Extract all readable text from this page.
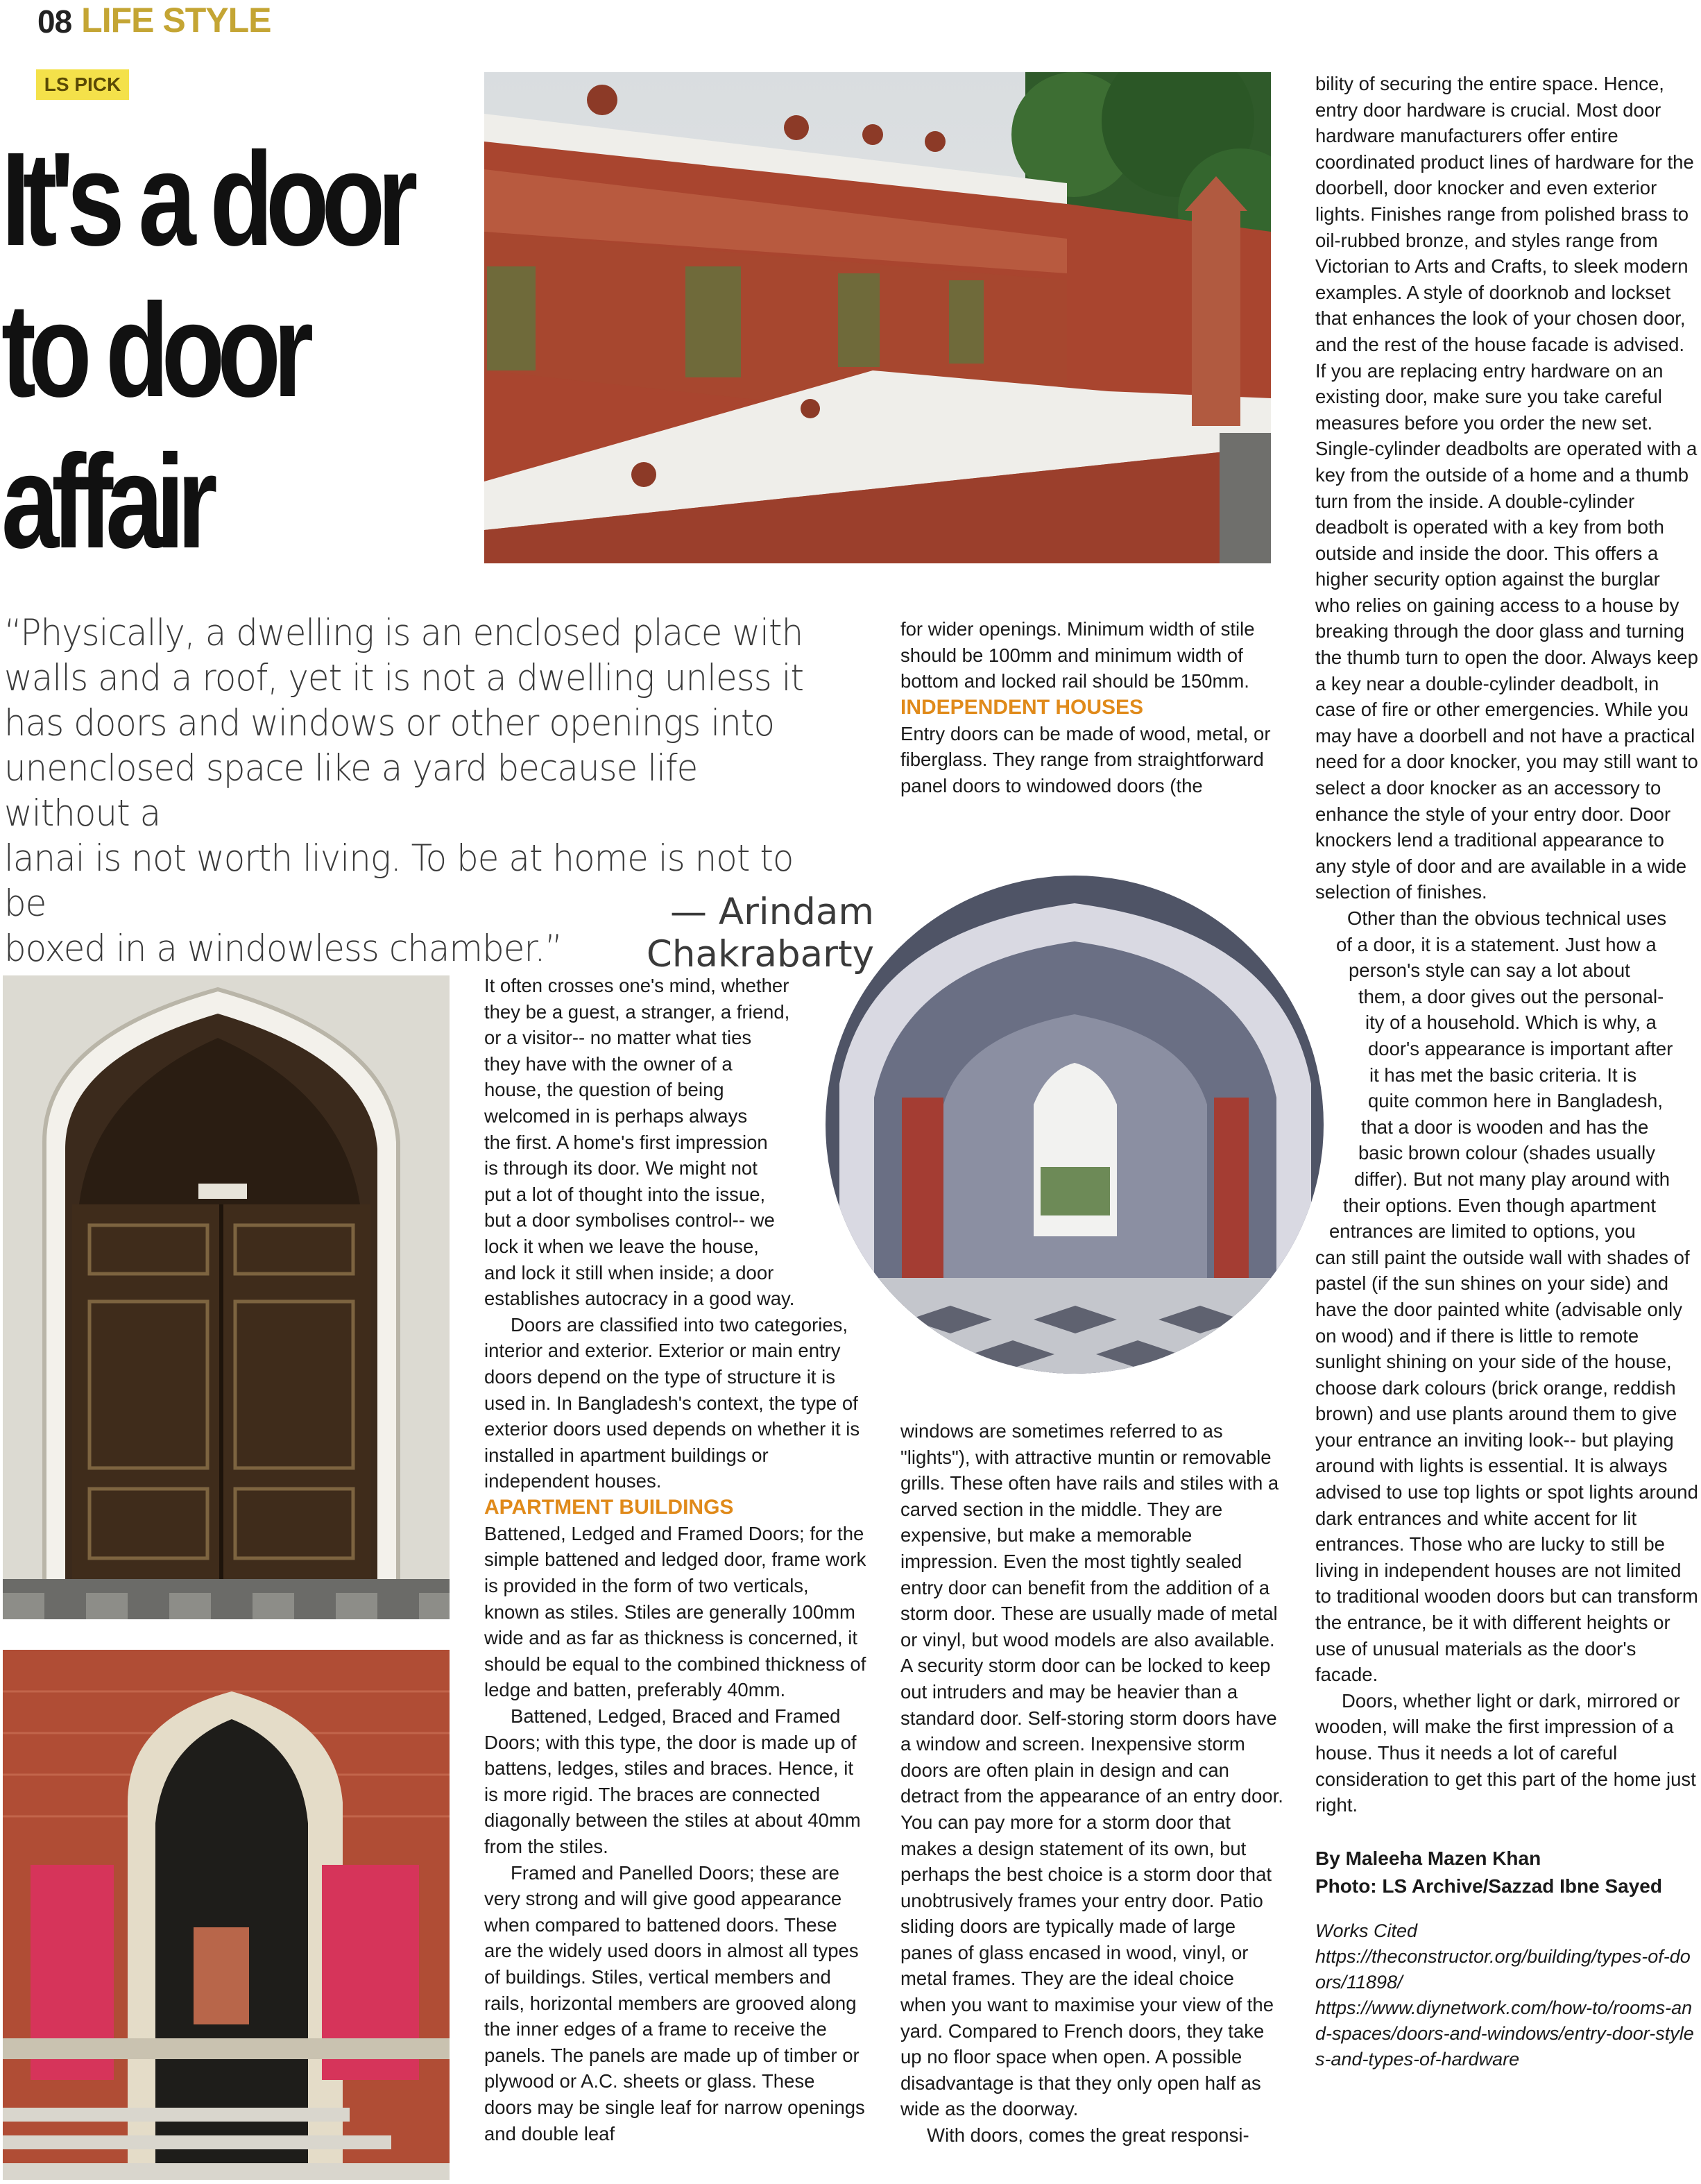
08 LIFE STYLE
LS PICK
It's a door
to door
affair
“Physically, a dwelling is an enclosed place with
walls and a roof, yet it is not a dwelling unless it
has doors and windows or other openings into
unenclosed space like a yard because life without a
lanai is not worth living. To be at home is not to be
boxed in a windowless chamber.”
— Arindam Chakrabarty
It often crosses one's mind, whether
they be a guest, a stranger, a friend,
or a visitor-- no matter what ties
they have with the owner of a
house, the question of being
welcomed in is perhaps always
the first. A home's first impression
is through its door. We might not
put a lot of thought into the issue,
but a door symbolises control-- we
lock it when we leave the house,
and lock it still when inside; a door
establishes autocracy in a good way.

Doors are classified into two categories, interior and exterior. Exterior or main entry doors depend on the type of structure it is used in. In Bangladesh's context, the type of exterior doors used depends on whether it is installed in apartment buildings or independent houses.

APARTMENT BUILDINGS

Battened, Ledged and Framed Doors; for the simple battened and ledged door, frame work is provided in the form of two verticals, known as stiles. Stiles are generally 100mm wide and as far as thickness is concerned, it should be equal to the combined thickness of ledge and batten, preferably 40mm.

Battened, Ledged, Braced and Framed Doors; with this type, the door is made up of battens, ledges, stiles and braces. Hence, it is more rigid. The braces are connected diagonally between the stiles at about 40mm from the stiles.

Framed and Panelled Doors; these are very strong and will give good appearance when compared to battened doors. These are the widely used doors in almost all types of buildings. Stiles, vertical members and rails, horizontal members are grooved along the inner edges of a frame to receive the panels. The panels are made up of timber or plywood or A.C. sheets or glass. These doors may be single leaf for narrow openings and double leaf

for wider openings. Minimum width of stile should be 100mm and minimum width of bottom and locked rail should be 150mm.

INDEPENDENT HOUSES

Entry doors can be made of wood, metal, or fiberglass. They range from straightforward panel doors to windowed doors (the

windows are sometimes referred to as "lights"), with attractive muntin or removable grills. These often have rails and stiles with a carved section in the middle. They are expensive, but make a memorable impression. Even the most tightly sealed entry door can benefit from the addition of a storm door. These are usually made of metal or vinyl, but wood models are also available. A security storm door can be locked to keep out intruders and may be heavier than a standard door. Self-storing storm doors have a window and screen. Inexpensive storm doors are often plain in design and can detract from the appearance of an entry door. You can pay more for a storm door that makes a design statement of its own, but perhaps the best choice is a storm door that unobtrusively frames your entry door. Patio sliding doors are typically made of large panes of glass encased in wood, vinyl, or metal frames. They are the ideal choice when you want to maximise your view of the yard. Compared to French doors, they take up no floor space when open. A possible disadvantage is that they only open half as wide as the doorway.

With doors, comes the great responsi-

bility of securing the entire space. Hence, entry door hardware is crucial. Most door hardware manufacturers offer entire coordinated product lines of hardware for the doorbell, door knocker and even exterior lights. Finishes range from polished brass to oil-rubbed bronze, and styles range from Victorian to Arts and Crafts, to sleek modern examples. A style of doorknob and lockset that enhances the look of your chosen door, and the rest of the house facade is advised. If you are replacing entry hardware on an existing door, make sure you take careful measures before you order the new set. Single-cylinder deadbolts are operated with a key from the outside of a home and a thumb turn from the inside. A double-cylinder deadbolt is operated with a key from both outside and inside the door. This offers a higher security option against the burglar who relies on gaining access to a house by breaking through the door glass and turning the thumb turn to open the door. Always keep a key near a double-cylinder deadbolt, in case of fire or other emergencies. While you may have a doorbell and not have a practical need for a door knocker, you may still want to select a door knocker as an accessory to enhance the style of your entry door. Door knockers lend a traditional appearance to any style of door and are available in a wide selection of finishes.

Other than the obvious technical uses
of a door, it is a statement. Just how a
person's style can say a lot about
them, a door gives out the personal-
ity of a household. Which is why, a
door's appearance is important after
it has met the basic criteria. It is
quite common here in Bangladesh,
that a door is wooden and has the
basic brown colour (shades usually
differ). But not many play around with
their options. Even though apartment
entrances are limited to options, you

can still paint the outside wall with shades of pastel (if the sun shines on your side) and have the door painted white (advisable only on wood) and if there is little to remote sunlight shining on your side of the house, choose dark colours (brick orange, reddish brown) and use plants around them to give your entrance an inviting look-- but playing around with lights is essential. It is always advised to use top lights or spot lights around dark entrances and white accent for lit entrances. Those who are lucky to still be living in independent houses are not limited to traditional wooden doors but can transform the entrance, be it with different heights or use of unusual materials as the door's facade.

Doors, whether light or dark, mirrored or wooden, will make the first impression of a house. Thus it needs a lot of careful consideration to get this part of the home just right.

By Maleeha Mazen Khan
Photo: LS Archive/Sazzad Ibne Sayed
Works Cited
https://theconstructor.org/building/types-of-doors/11898/
https://www.diynetwork.com/how-to/rooms-and-spaces/doors-and-windows/entry-door-styles-and-types-of-hardware
